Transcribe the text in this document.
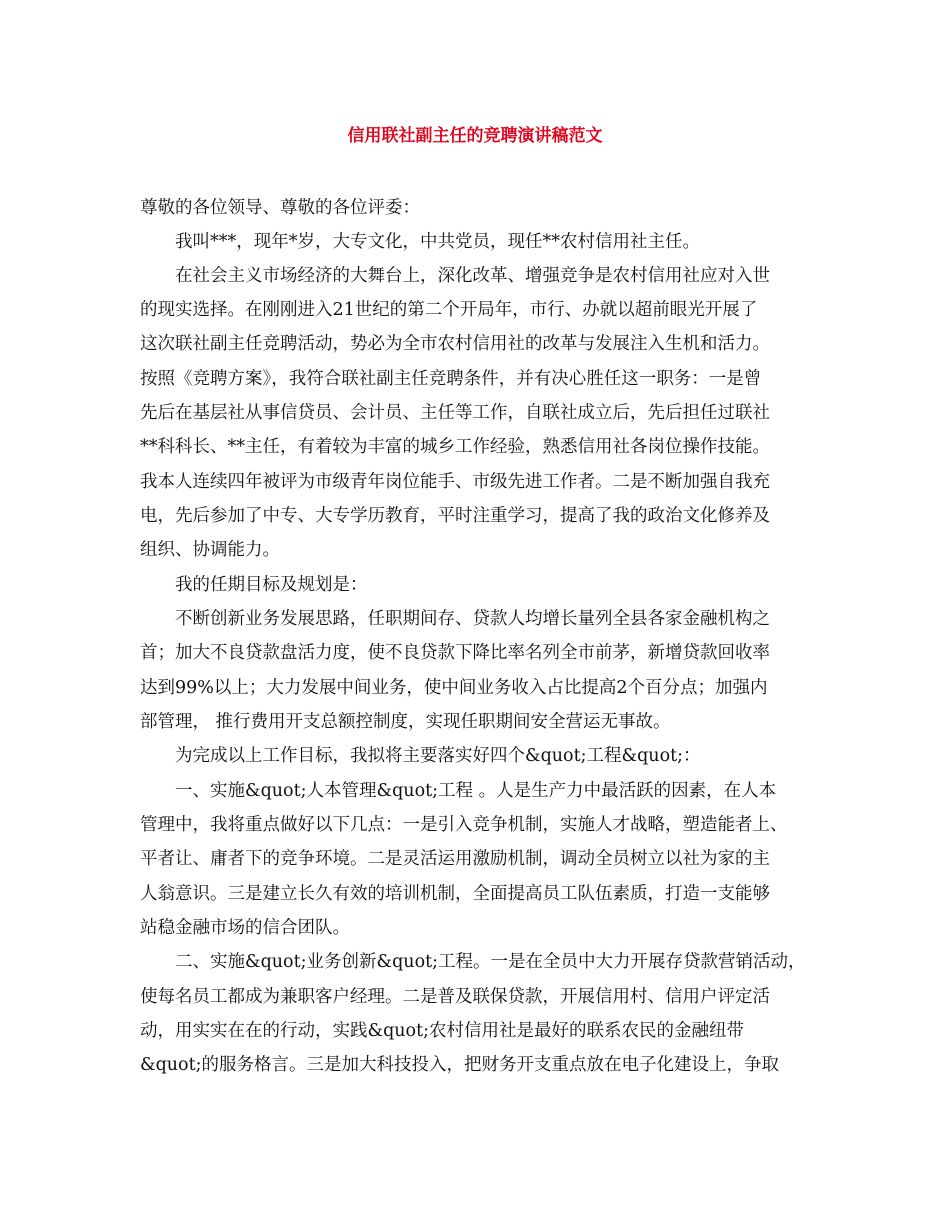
信用联社副主任的竞聘演讲稿范文

尊敬的各位领导、尊敬的各位评委：

我叫***，现年*岁，大专文化，中共党员，现任**农村信用社主任。

在社会主义市场经济的大舞台上，深化改革、增强竞争是农村信用社应对入世

的现实选择。在刚刚进入21世纪的第二个开局年，市行、办就以超前眼光开展了

这次联社副主任竞聘活动，势必为全市农村信用社的改革与发展注入生机和活力。

按照《竞聘方案》，我符合联社副主任竞聘条件，并有决心胜任这一职务：一是曾

先后在基层社从事信贷员、会计员、主任等工作，自联社成立后，先后担任过联社

**科科长、**主任，有着较为丰富的城乡工作经验，熟悉信用社各岗位操作技能。

我本人连续四年被评为市级青年岗位能手、市级先进工作者。二是不断加强自我充

电，先后参加了中专、大专学历教育，平时注重学习，提高了我的政治文化修养及

组织、协调能力。

我的任期目标及规划是：

不断创新业务发展思路，任职期间存、贷款人均增长量列全县各家金融机构之

首；加大不良贷款盘活力度，使不良贷款下降比率名列全市前茅，新增贷款回收率

达到99%以上；大力发展中间业务，使中间业务收入占比提高2个百分点；加强内

部管理， 推行费用开支总额控制度，实现任职期间安全营运无事故。

为完成以上工作目标，我拟将主要落实好四个&quot;工程&quot;：

一、实施&quot;人本管理&quot;工程 。人是生产力中最活跃的因素，在人本

管理中，我将重点做好以下几点：一是引入竞争机制，实施人才战略，塑造能者上、

平者让、庸者下的竞争环境。二是灵活运用激励机制，调动全员树立以社为家的主

人翁意识。三是建立长久有效的培训机制，全面提高员工队伍素质，打造一支能够

站稳金融市场的信合团队。

二、实施&quot;业务创新&quot;工程。一是在全员中大力开展存贷款营销活动，

使每名员工都成为兼职客户经理。二是普及联保贷款，开展信用村、信用户评定活

动，用实实在在的行动，实践&quot;农村信用社是最好的联系农民的金融纽带

&quot;的服务格言。三是加大科技投入，把财务开支重点放在电子化建设上，争取
